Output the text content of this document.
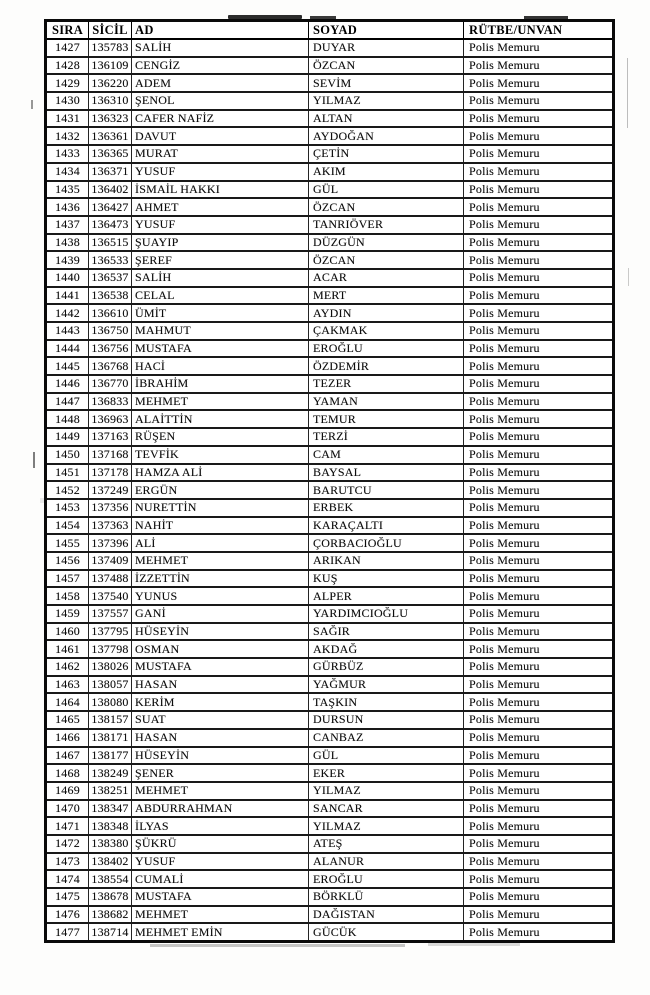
SIRA	SİCİL	AD	SOYAD	RÜTBE/UNVAN
1427	135783	SALİH	DUYAR	Polis Memuru
1428	136109	CENGİZ	ÖZCAN	Polis Memuru
1429	136220	ADEM	SEVİM	Polis Memuru
1430	136310	ŞENOL	YILMAZ	Polis Memuru
1431	136323	CAFER NAFİZ	ALTAN	Polis Memuru
1432	136361	DAVUT	AYDOĞAN	Polis Memuru
1433	136365	MURAT	ÇETİN	Polis Memuru
1434	136371	YUSUF	AKIM	Polis Memuru
1435	136402	İSMAİL HAKKI	GÜL	Polis Memuru
1436	136427	AHMET	ÖZCAN	Polis Memuru
1437	136473	YUSUF	TANRIÖVER	Polis Memuru
1438	136515	ŞUAYIP	DÜZGÜN	Polis Memuru
1439	136533	ŞEREF	ÖZCAN	Polis Memuru
1440	136537	SALİH	ACAR	Polis Memuru
1441	136538	CELAL	MERT	Polis Memuru
1442	136610	ÜMİT	AYDIN	Polis Memuru
1443	136750	MAHMUT	ÇAKMAK	Polis Memuru
1444	136756	MUSTAFA	EROĞLU	Polis Memuru
1445	136768	HACİ	ÖZDEMİR	Polis Memuru
1446	136770	İBRAHİM	TEZER	Polis Memuru
1447	136833	MEHMET	YAMAN	Polis Memuru
1448	136963	ALAİTTİN	TEMUR	Polis Memuru
1449	137163	RÜŞEN	TERZİ	Polis Memuru
1450	137168	TEVFİK	CAM	Polis Memuru
1451	137178	HAMZA ALİ	BAYSAL	Polis Memuru
1452	137249	ERGÜN	BARUTCU	Polis Memuru
1453	137356	NURETTİN	ERBEK	Polis Memuru
1454	137363	NAHİT	KARAÇALTI	Polis Memuru
1455	137396	ALİ	ÇORBACIOĞLU	Polis Memuru
1456	137409	MEHMET	ARIKAN	Polis Memuru
1457	137488	İZZETTİN	KUŞ	Polis Memuru
1458	137540	YUNUS	ALPER	Polis Memuru
1459	137557	GANİ	YARDIMCIOĞLU	Polis Memuru
1460	137795	HÜSEYİN	SAĞIR	Polis Memuru
1461	137798	OSMAN	AKDAĞ	Polis Memuru
1462	138026	MUSTAFA	GÜRBÜZ	Polis Memuru
1463	138057	HASAN	YAĞMUR	Polis Memuru
1464	138080	KERİM	TAŞKIN	Polis Memuru
1465	138157	SUAT	DURSUN	Polis Memuru
1466	138171	HASAN	CANBAZ	Polis Memuru
1467	138177	HÜSEYİN	GÜL	Polis Memuru
1468	138249	ŞENER	EKER	Polis Memuru
1469	138251	MEHMET	YILMAZ	Polis Memuru
1470	138347	ABDURRAHMAN	SANCAR	Polis Memuru
1471	138348	İLYAS	YILMAZ	Polis Memuru
1472	138380	ŞÜKRÜ	ATEŞ	Polis Memuru
1473	138402	YUSUF	ALANUR	Polis Memuru
1474	138554	CUMALİ	EROĞLU	Polis Memuru
1475	138678	MUSTAFA	BÖRKLÜ	Polis Memuru
1476	138682	MEHMET	DAĞISTAN	Polis Memuru
1477	138714	MEHMET EMİN	GÜCÜK	Polis Memuru
